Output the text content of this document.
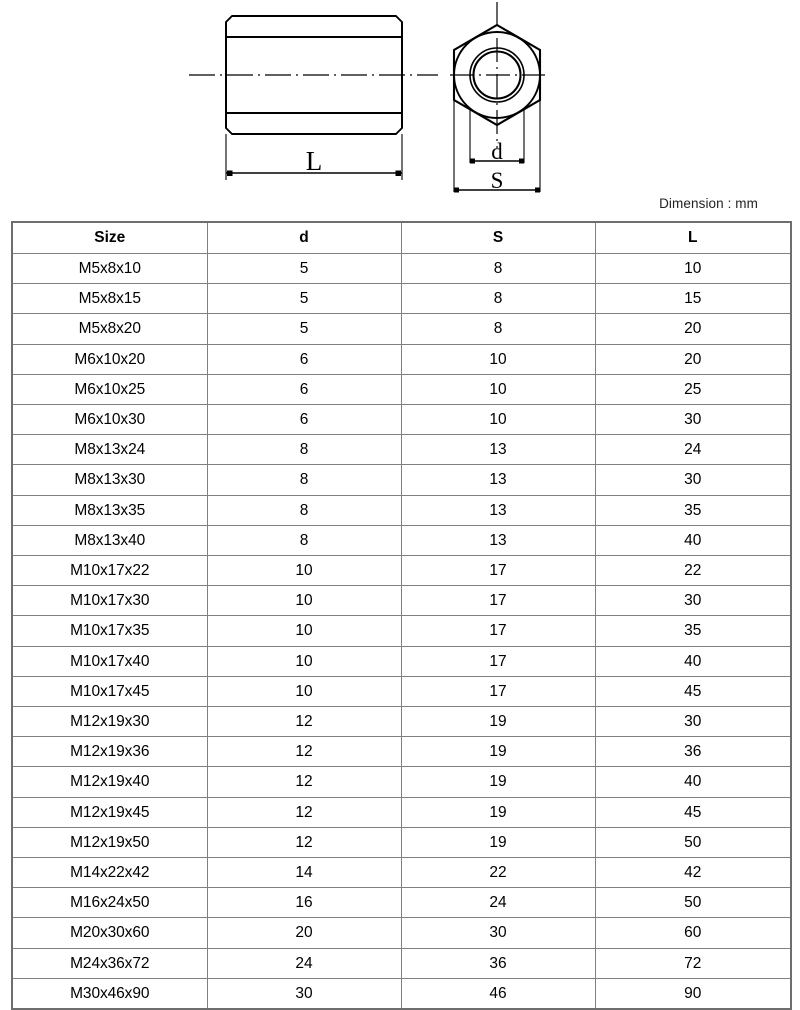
L	d
S
Dimension : mm
Size	d	S	L
M5x8x10	5	8	10
M5x8x15	5	8	15
M5x8x20	5	8	20
M6x10x20	6	10	20
M6x10x25	6	10	25
M6x10x30	6	10	30
M8x13x24	8	13	24
M8x13x30	8	13	30
M8x13x35	8	13	35
M8x13x40	8	13	40
M10x17x22	10	17	22
M10x17x30	10	17	30
M10x17x35	10	17	35
M10x17x40	10	17	40
M10x17x45	10	17	45
M12x19x30	12	19	30
M12x19x36	12	19	36
M12x19x40	12	19	40
M12x19x45	12	19	45
M12x19x50	12	19	50
M14x22x42	14	22	42
M16x24x50	16	24	50
M20x30x60	20	30	60
M24x36x72	24	36	72
M30x46x90	30	46	90
